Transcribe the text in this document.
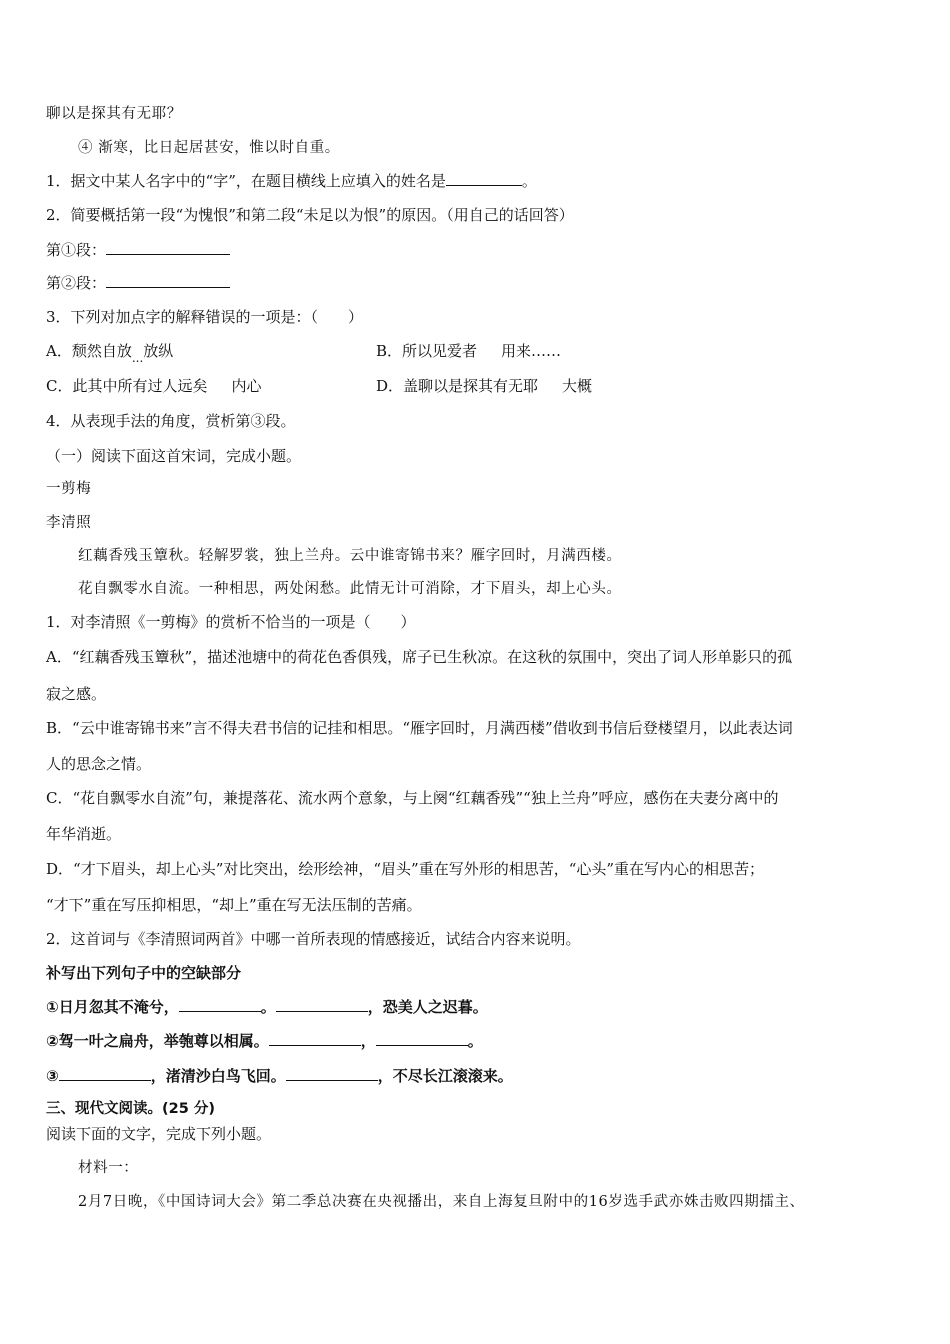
聊以是探其有无耶？
④ 渐寒，比日起居甚安，惟以时自重。
1．据文中某人名字中的“字”，在题目横线上应填入的姓名是	。
2．简要概括第一段“为愧恨”和第二段“未足以为恨”的原因。（用自己的话回答）
第①段：
第②段：
3．下列对加点字的解释错误的一项是：（　　）
A．颓然自放$_{...}$放纵	B．所以见爱者 用来……
C．此其中所有过人远矣 内心	D．盖聊以是探其有无耶 大概
4．从表现手法的角度，赏析第③段。
（一）阅读下面这首宋词，完成小题。
一剪梅
李清照
红藕香残玉簟秋。轻解罗裳，独上兰舟。云中谁寄锦书来？雁字回时，月满西楼。
花自飘零水自流。一种相思，两处闲愁。此情无计可消除，才下眉头，却上心头。
1．对李清照《一剪梅》的赏析不恰当的一项是（　　）
A．“红藕香残玉簟秋”，描述池塘中的荷花色香俱残，席子已生秋凉。在这秋的氛围中，突出了词人形单影只的孤
寂之感。
B．“云中谁寄锦书来”言不得夫君书信的记挂和相思。“雁字回时，月满西楼”借收到书信后登楼望月，以此表达词
人的思念之情。
C．“花自飘零水自流”句，兼提落花、流水两个意象，与上阕“红藕香残”“独上兰舟”呼应，感伤在夫妻分离中的
年华消逝。
D．“才下眉头，却上心头”对比突出，绘形绘神，“眉头”重在写外形的相思苦，“心头”重在写内心的相思苦；
“才下”重在写压抑相思，“却上”重在写无法压制的苦痛。
2．这首词与《李清照词两首》中哪一首所表现的情感接近，试结合内容来说明。
补写出下列句子中的空缺部分
①日月忽其不淹兮，	。	，恐美人之迟暮。
②驾一叶之扁舟，举匏尊以相属。	，	。
③	，渚清沙白鸟飞回。	，不尽长江滚滚来。
三、现代文阅读。(25 分)
阅读下面的文字，完成下列小题。
材料一：
2月7日晚，《中国诗词大会》第二季总决赛在央视播出，来自上海复旦附中的16岁选手武亦姝击败四期擂主、
